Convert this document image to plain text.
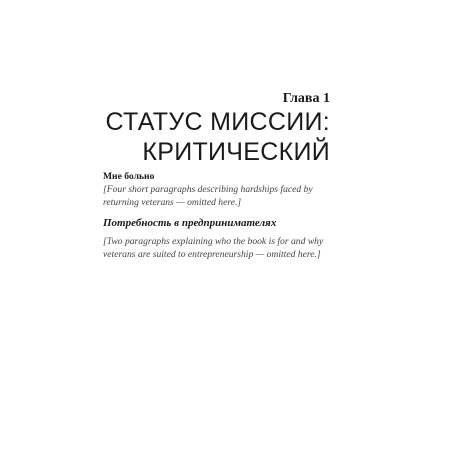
Глава 1
СТАТУС МИССИИ:
КРИТИЧЕСКИЙ

Мне больно

[Four short paragraphs describing hardships faced by returning veterans — omitted here.]

Потребность в предпринимателях

[Two paragraphs explaining who the book is for and why veterans are suited to entrepreneurship — omitted here.]
